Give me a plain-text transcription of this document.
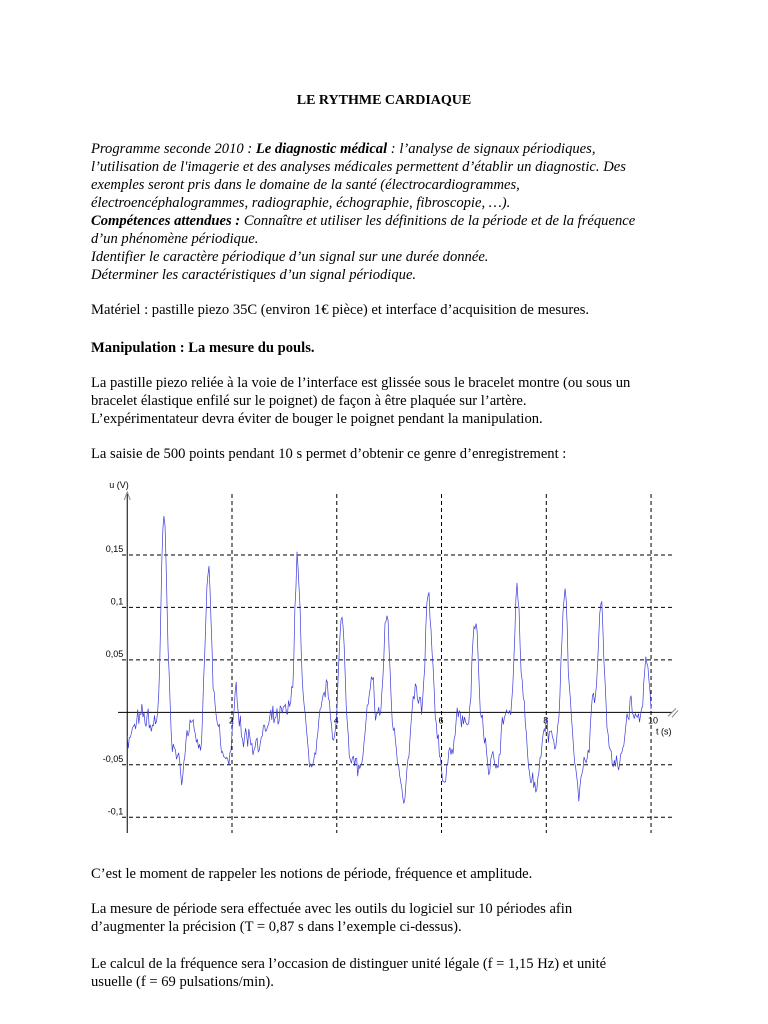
LE RYTHME CARDIAQUE
Programme seconde 2010 : Le diagnostic médical : l’analyse de signaux périodiques,
l’utilisation de l'imagerie et des analyses médicales permettent d’établir un diagnostic. Des
exemples seront pris dans le domaine de la santé (électrocardiogrammes,
électroencéphalogrammes, radiographie, échographie, fibroscopie, …).
Compétences attendues : Connaître et utiliser les définitions de la période et de la fréquence
d’un phénomène périodique.
Identifier le caractère périodique d’un signal sur une durée donnée.
Déterminer les caractéristiques d’un signal périodique.
Matériel : pastille piezo 35C (environ 1€ pièce) et interface d’acquisition de mesures.
Manipulation : La mesure du pouls.
La pastille piezo reliée à la voie de l’interface est glissée sous le bracelet montre (ou sous un
bracelet élastique enfilé sur le poignet) de façon à être plaquée sur l’artère.
L’expérimentateur devra éviter de bouger le poignet pendant la manipulation.
La saisie de 500 points pendant 10 s permet d’obtenir ce genre d’enregistrement :
u (V)
t (s)
2	4	6	8	10
0,15
0,1
0,05
-0,05
-0,1
C’est le moment de rappeler les notions de période, fréquence et amplitude.
La mesure de période sera effectuée avec les outils du logiciel sur 10 périodes afin
d’augmenter la précision (T = 0,87 s dans l’exemple ci-dessus).
Le calcul de la fréquence sera l’occasion de distinguer unité légale (f = 1,15 Hz) et unité
usuelle (f = 69 pulsations/min).
